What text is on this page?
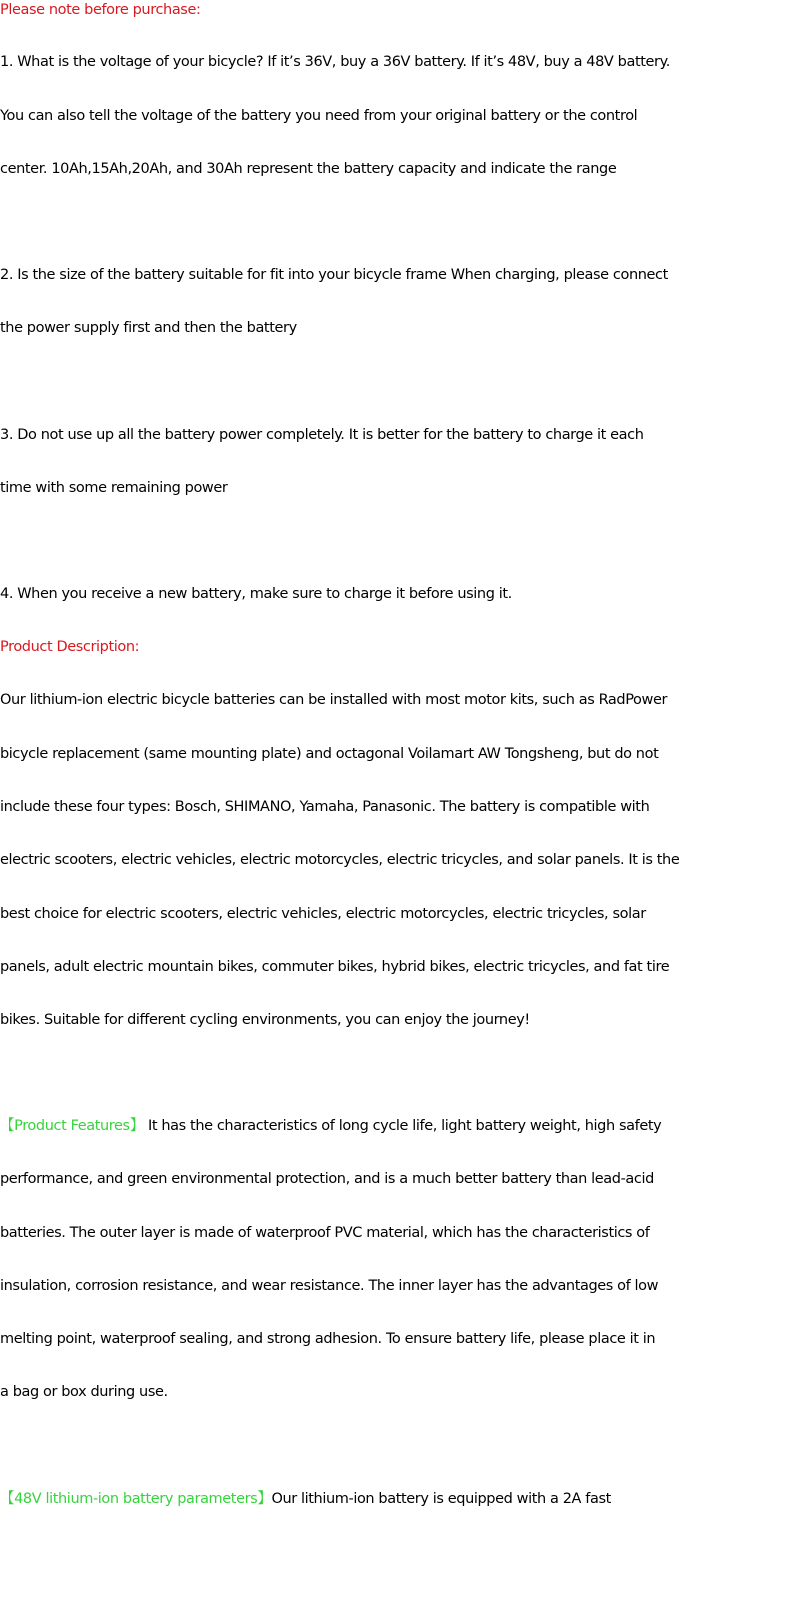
Please note before purchase:

1. What is the voltage of your bicycle? If it’s 36V, buy a 36V battery. If it’s 48V, buy a 48V battery.

You can also tell the voltage of the battery you need from your original battery or the control

center. 10Ah,15Ah,20Ah, and 30Ah represent the battery capacity and indicate the range

2. Is the size of the battery suitable for fit into your bicycle frame When charging, please connect

the power supply first and then the battery

3. Do not use up all the battery power completely. It is better for the battery to charge it each

time with some remaining power

4. When you receive a new battery, make sure to charge it before using it.

Product Description:

Our lithium-ion electric bicycle batteries can be installed with most motor kits, such as RadPower

bicycle replacement (same mounting plate) and octagonal Voilamart AW Tongsheng, but do not

include these four types: Bosch, SHIMANO, Yamaha, Panasonic. The battery is compatible with

electric scooters, electric vehicles, electric motorcycles, electric tricycles, and solar panels. It is the

best choice for electric scooters, electric vehicles, electric motorcycles, electric tricycles, solar

panels, adult electric mountain bikes, commuter bikes, hybrid bikes, electric tricycles, and fat tire

bikes. Suitable for different cycling environments, you can enjoy the journey!

【Product Features】 It has the characteristics of long cycle life, light battery weight, high safety

performance, and green environmental protection, and is a much better battery than lead-acid

batteries. The outer layer is made of waterproof PVC material, which has the characteristics of

insulation, corrosion resistance, and wear resistance. The inner layer has the advantages of low

melting point, waterproof sealing, and strong adhesion. To ensure battery life, please place it in

a bag or box during use.

【48V lithium-ion battery parameters】Our lithium-ion battery is equipped with a 2A fast
